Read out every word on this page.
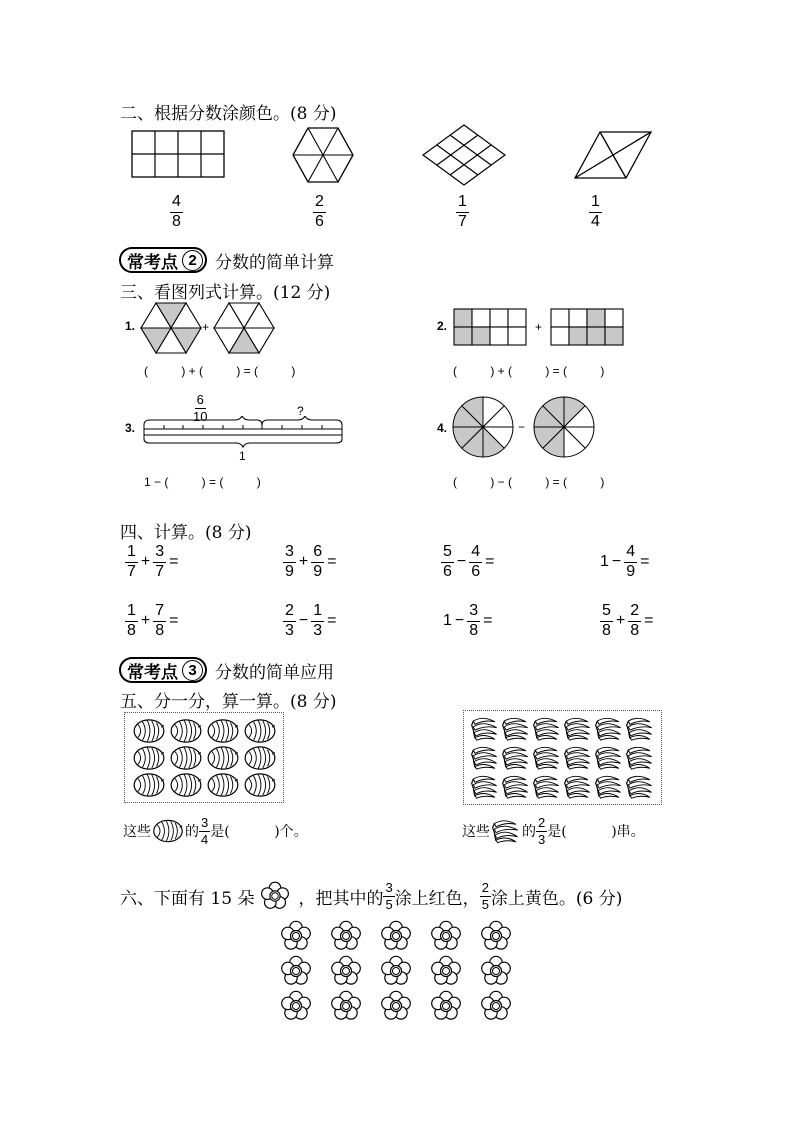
二、根据分数涂颜色。(8 分)
$\frac{4}{8}$	$\frac{2}{6}$	$\frac{1}{7}$	$\frac{1}{4}$
常考点 2	分数的简单计算
三、看图列式计算。(12 分)
1.	+
(          ) + (          ) = (          )
2.	+
(          ) + (          ) = (          )
3.
$\frac{6}{10}$	?
1
1 − (          ) = (          )
4.	−
(          ) − (          ) = (          )
四、计算。(8 分)
$\frac{1}{7} + \frac{3}{7}$ =	$\frac{3}{9} + \frac{6}{9}$ =	$\frac{5}{6} - \frac{4}{6}$ =	$1 - \frac{4}{9}$ =
$\frac{1}{8} + \frac{7}{8}$ =	$\frac{2}{3} - \frac{1}{3}$ =	$1 - \frac{3}{8}$ =	$\frac{5}{8} + \frac{2}{8}$ =
常考点 3	分数的简单应用
五、分一分，算一算。(8 分)
这些 的 $\frac{3}{4}$ 是(          )个。	这些 的 $\frac{2}{3}$ 是(          )串。
六、下面有 15 朵	，把其中的 $\frac{3}{5}$ 涂上红色， $\frac{2}{5}$ 涂上黄色。(6 分)
